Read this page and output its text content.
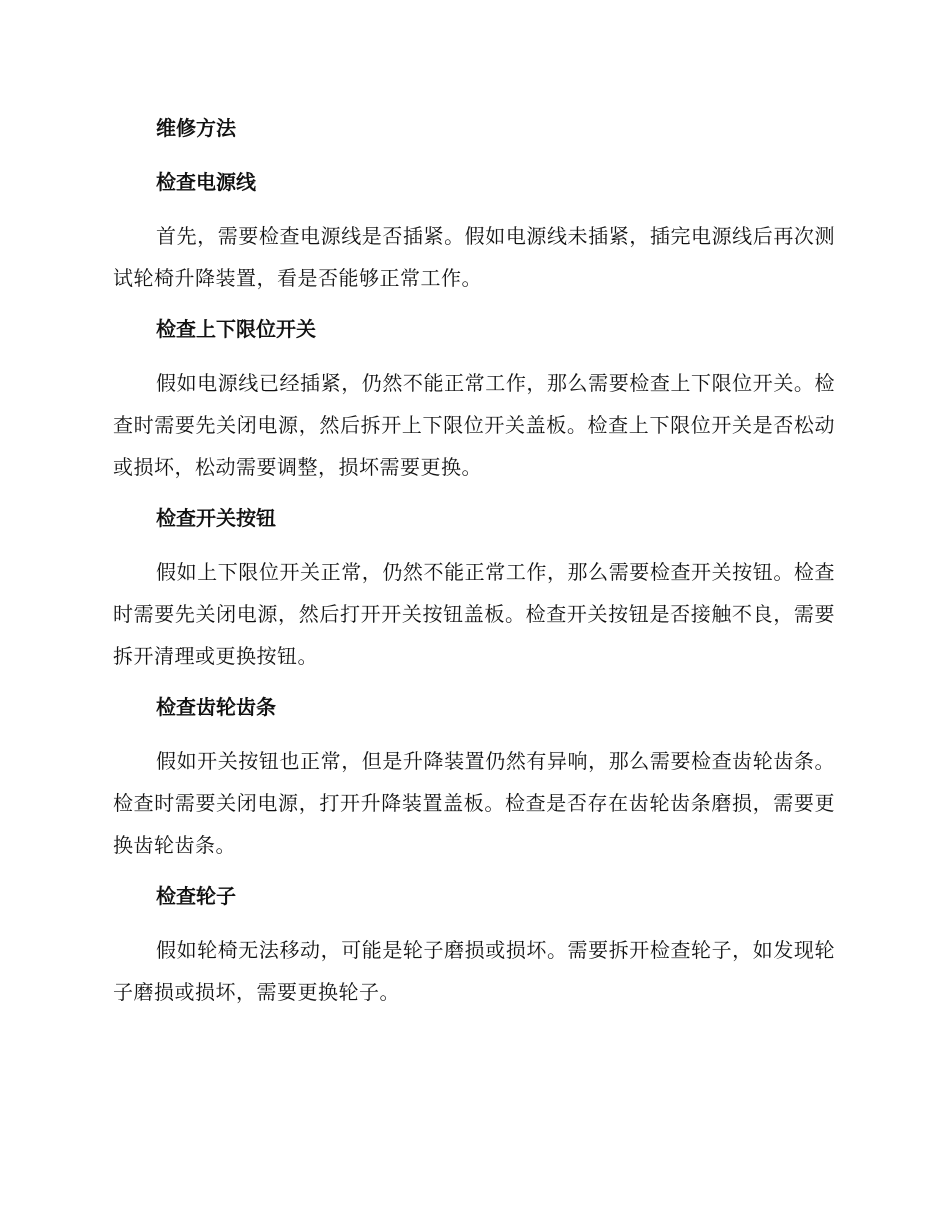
维修方法
检查电源线

首先，需要检查电源线是否插紧。假如电源线未插紧，插完电源线后再次测试轮椅升降装置，看是否能够正常工作。

检查上下限位开关

假如电源线已经插紧，仍然不能正常工作，那么需要检查上下限位开关。检查时需要先关闭电源，然后拆开上下限位开关盖板。检查上下限位开关是否松动或损坏，松动需要调整，损坏需要更换。

检查开关按钮

假如上下限位开关正常，仍然不能正常工作，那么需要检查开关按钮。检查时需要先关闭电源，然后打开开关按钮盖板。检查开关按钮是否接触不良，需要拆开清理或更换按钮。

检查齿轮齿条

假如开关按钮也正常，但是升降装置仍然有异响，那么需要检查齿轮齿条。检查时需要关闭电源，打开升降装置盖板。检查是否存在齿轮齿条磨损，需要更换齿轮齿条。

检查轮子

假如轮椅无法移动，可能是轮子磨损或损坏。需要拆开检查轮子，如发现轮子磨损或损坏，需要更换轮子。
